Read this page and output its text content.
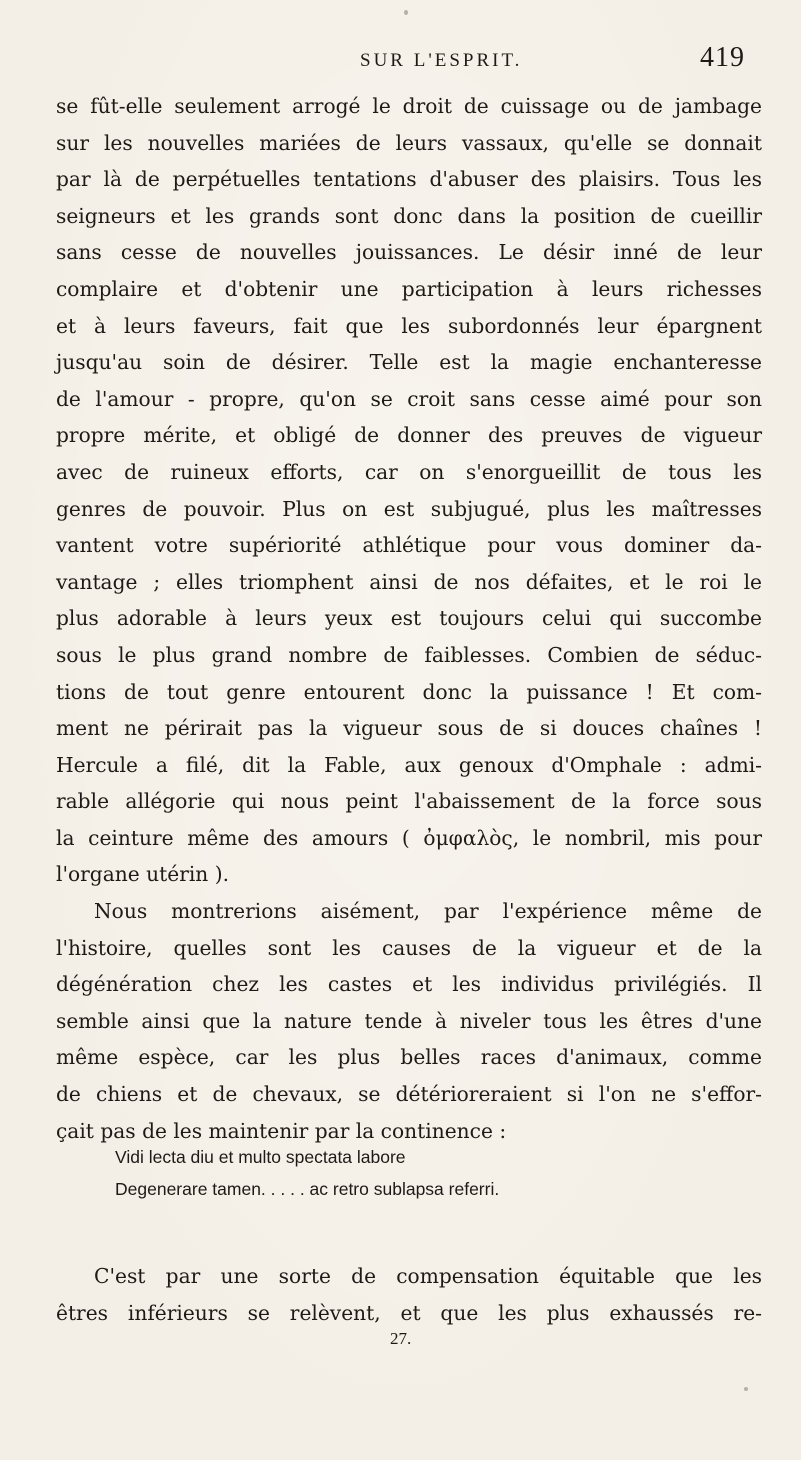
SUR L'ESPRIT.	419
se fût-elle seulement arrogé le droit de cuissage ou de jambage
sur les nouvelles mariées de leurs vassaux, qu'elle se donnait
par là de perpétuelles tentations d'abuser des plaisirs. Tous les
seigneurs et les grands sont donc dans la position de cueillir
sans cesse de nouvelles jouissances. Le désir inné de leur
complaire et d'obtenir une participation à leurs richesses
et à leurs faveurs, fait que les subordonnés leur épargnent
jusqu'au soin de désirer. Telle est la magie enchanteresse
de l'amour - propre, qu'on se croit sans cesse aimé pour son
propre mérite, et obligé de donner des preuves de vigueur
avec de ruineux efforts, car on s'enorgueillit de tous les
genres de pouvoir. Plus on est subjugué, plus les maîtresses
vantent votre supériorité athlétique pour vous dominer da-
vantage ; elles triomphent ainsi de nos défaites, et le roi le
plus adorable à leurs yeux est toujours celui qui succombe
sous le plus grand nombre de faiblesses. Combien de séduc-
tions de tout genre entourent donc la puissance ! Et com-
ment ne périrait pas la vigueur sous de si douces chaînes !
Hercule a filé, dit la Fable, aux genoux d'Omphale : admi-
rable allégorie qui nous peint l'abaissement de la force sous
la ceinture même des amours ( ὀμφαλὸς, le nombril, mis pour
l'organe utérin ).
Nous montrerions aisément, par l'expérience même de
l'histoire, quelles sont les causes de la vigueur et de la
dégénération chez les castes et les individus privilégiés. Il
semble ainsi que la nature tende à niveler tous les êtres d'une
même espèce, car les plus belles races d'animaux, comme
de chiens et de chevaux, se détérioreraient si l'on ne s'effor-
çait pas de les maintenir par la continence :
Vidi lecta diu et multo spectata labore
Degenerare tamen. . . . . ac retro sublapsa referri.
C'est par une sorte de compensation équitable que les
êtres inférieurs se relèvent, et que les plus exhaussés re-
27.
